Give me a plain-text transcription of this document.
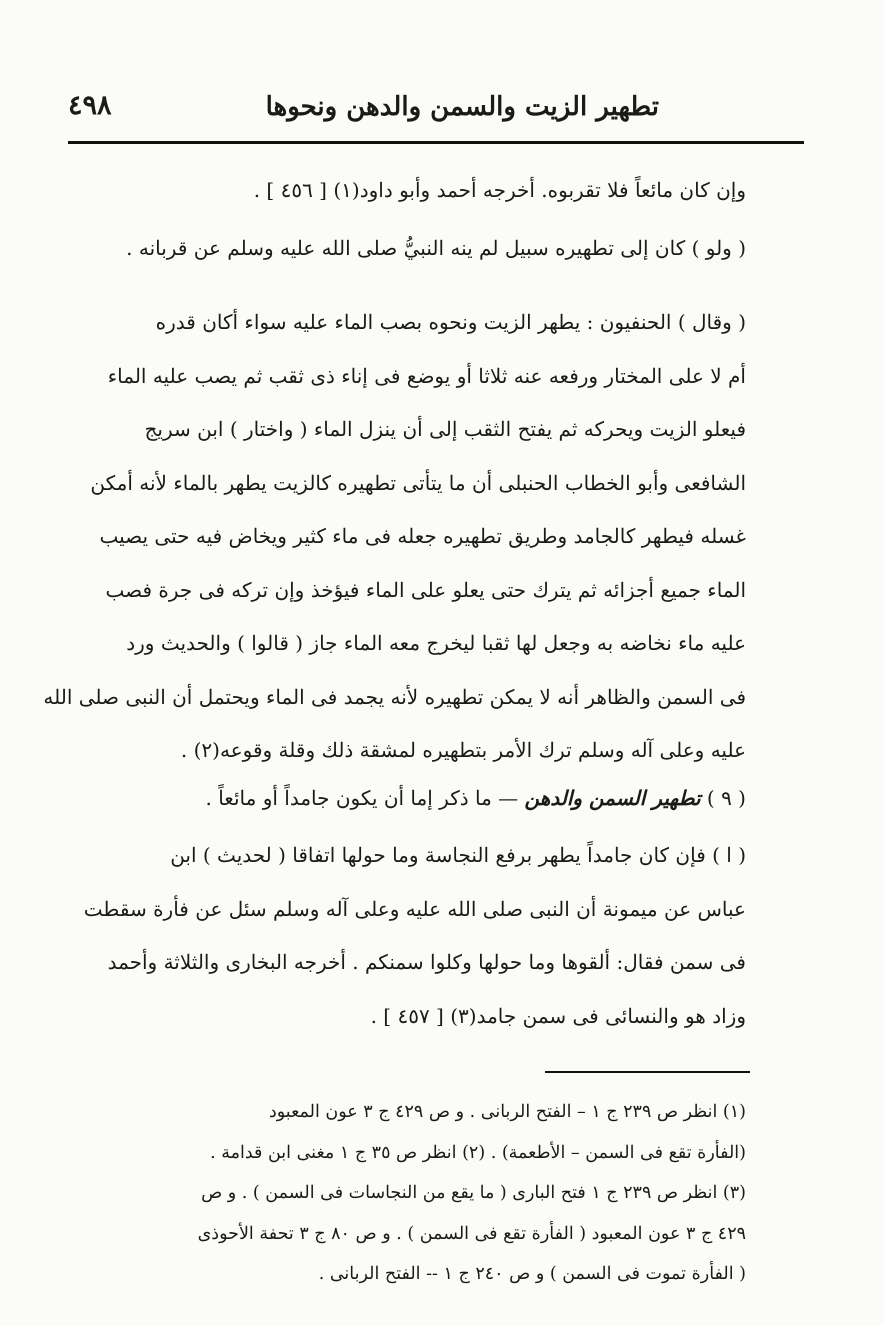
تطهير الزيت والسمن والدهن ونحوها
٤٩٨
وإن كان مائعاً فلا تقربوه. أخرجه أحمد وأبو داود(١) [ ٤٥٦ ] .
( ولو ) كان إلى تطهيره سبيل لم ينه النبيُّ صلى الله عليه وسلم عن قربانه .
( وقال ) الحنفيون : يطهر الزيت ونحوه بصب الماء عليه سواء أكان قدره
أم لا على المختار ورفعه عنه ثلاثا أو يوضع فى إناء ذى ثقب ثم يصب عليه الماء
فيعلو الزيت ويحركه ثم يفتح الثقب إلى أن ينزل الماء ( واختار ) ابن سريج
الشافعى وأبو الخطاب الحنبلى أن ما يتأتى تطهيره كالزيت يطهر بالماء لأنه أمكن
غسله فيطهر كالجامد وطريق تطهيره جعله فى ماء كثير ويخاض فيه حتى يصيب
الماء جميع أجزائه ثم يترك حتى يعلو على الماء فيؤخذ وإن تركه فى جرة فصب
عليه ماء نخاضه به وجعل لها ثقبا ليخرج معه الماء جاز ( قالوا ) والحديث ورد
فى السمن والظاهر أنه لا يمكن تطهيره لأنه يجمد فى الماء ويحتمل أن النبى صلى الله
عليه وعلى آله وسلم ترك الأمر بتطهيره لمشقة ذلك وقلة وقوعه(٢) .
( ٩ ) تطهير السمن والدهن — ما ذكر إما أن يكون جامداً أو مائعاً .
( ا ) فإن كان جامداً يطهر برفع النجاسة وما حولها اتفاقا ( لحديث ) ابن
عباس عن ميمونة أن النبى صلى الله عليه وعلى آله وسلم سئل عن فأرة سقطت
فى سمن فقال: ألقوها وما حولها وكلوا سمنكم . أخرجه البخارى والثلاثة وأحمد
وزاد هو والنسائى فى سمن جامد(٣) [ ٤٥٧ ] .
(١) انظر ص ٢٣٩ ج ١ – الفتح الربانى . و ص ٤٢٩ ج ٣ عون المعبود
(الفأرة تقع فى السمن – الأطعمة) . (٢) انظر ص ٣٥ ج ١ مغنى ابن قدامة .
(٣) انظر ص ٢٣٩ ج ١ فتح البارى ( ما يقع من النجاسات فى السمن ) . و ص
٤٢٩ ج ٣ عون المعبود ( الفأرة تقع فى السمن ) . و ص ٨٠ ج ٣ تحفة الأحوذى
( الفأرة تموت فى السمن ) و ص ٢٤٠ ج ١ -- الفتح الربانى .
